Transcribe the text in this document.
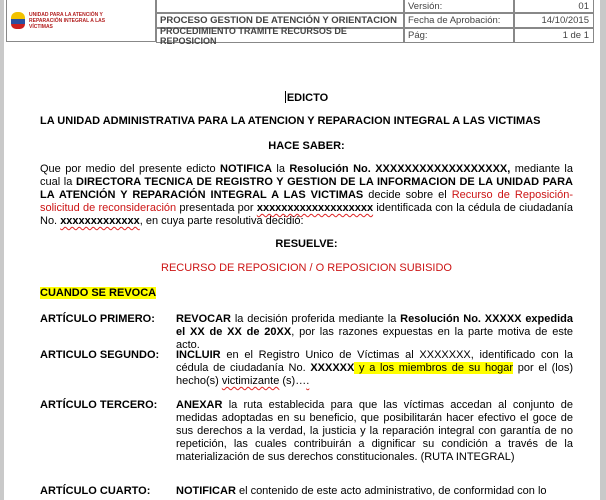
UNIDAD PARA LA ATENCIÓN Y REPARACIÓN INTEGRAL A LAS VÍCTIMAS
PROCESO GESTION DE ATENCIÓN Y ORIENTACION
PROCEDIMIENTO TRAMITE RECURSOS DE REPOSICION
Versión:	01
Fecha de Aprobación:	14/10/2015
Pág:	1 de 1
EDICTO
LA UNIDAD ADMINISTRATIVA PARA LA ATENCION Y REPARACION INTEGRAL A LAS VICTIMAS
HACE SABER:
Que por medio del presente edicto NOTIFICA la Resolución No. XXXXXXXXXXXXXXXXXX, mediante la cual la DIRECTORA TECNICA DE REGISTRO Y GESTION DE LA INFORMACION DE LA UNIDAD PARA LA ATENCIÓN Y REPARACIÓN INTEGRAL A LAS VICTIMAS decide sobre el Recurso de Reposición- solicitud de reconsideración presentada por xxxxxxxxxxxxxxxxxxx identificada con la cédula de ciudadanía No. xxxxxxxxxxxxx, en cuya parte resolutiva decidió:
RESUELVE:
RECURSO DE REPOSICION / O REPOSICION SUBISIDO
CUANDO SE REVOCA
ARTÍCULO PRIMERO: REVOCAR la decisión proferida mediante la Resolución No. XXXXX expedida el XX de XX de 20XX, por las razones expuestas en la parte motiva de este acto.
ARTICULO SEGUNDO: INCLUIR en el Registro Unico de Víctimas al XXXXXXX, identificado con la cédula de ciudadanía No. XXXXXX y a los miembros de su hogar por el (los) hecho(s) victimizante (s)….
ARTÍCULO TERCERO: ANEXAR la ruta establecida para que las víctimas accedan al conjunto de medidas adoptadas en su beneficio, que posibilitarán hacer efectivo el goce de sus derechos a la verdad, la justicia y la reparación integral con garantía de no repetición, las cuales contribuirán a dignificar su condición a través de la materialización de sus derechos constitucionales. (RUTA INTEGRAL)
ARTÍCULO CUARTO: NOTIFICAR el contenido de este acto administrativo, de conformidad con lo
